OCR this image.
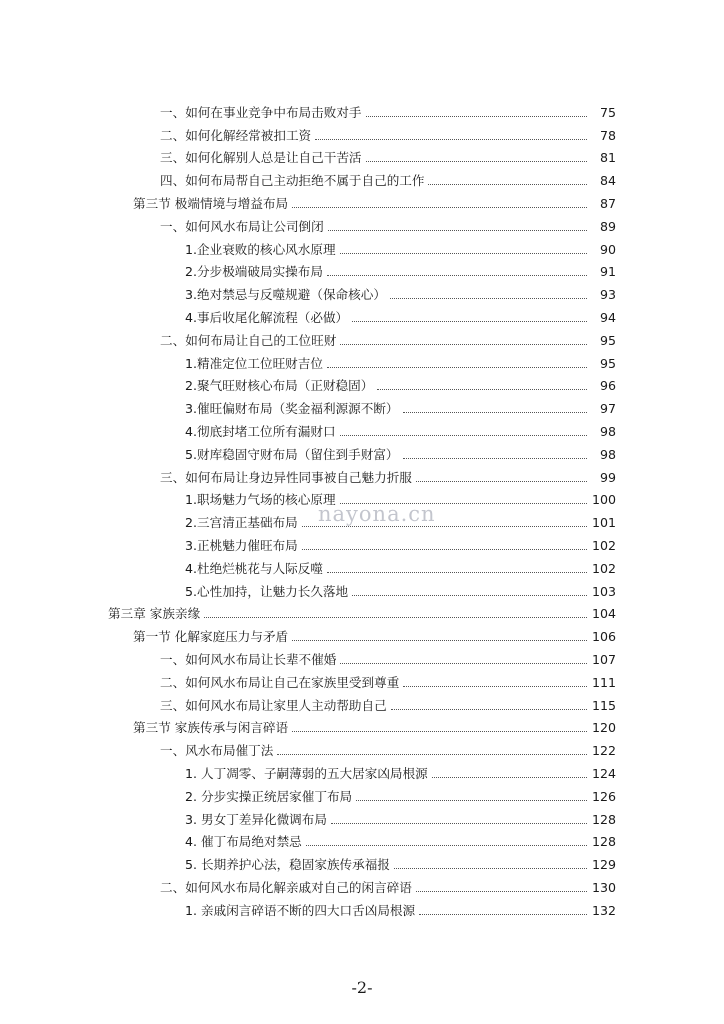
一、如何在事业竞争中布局击败对手	75
二、如何化解经常被扣工资	78
三、如何化解别人总是让自己干苦活	81
四、如何布局帮自己主动拒绝不属于自己的工作	84
第三节 极端情境与增益布局	87
一、如何风水布局让公司倒闭	89
1.企业衰败的核心风水原理	90
2.分步极端破局实操布局	91
3.绝对禁忌与反噬规避（保命核心）	93
4.事后收尾化解流程（必做）	94
二、如何布局让自己的工位旺财	95
1.精准定位工位旺财吉位	95
2.聚气旺财核心布局（正财稳固）	96
3.催旺偏财布局（奖金福利源源不断）	97
4.彻底封堵工位所有漏财口	98
5.财库稳固守财布局（留住到手财富）	98
三、如何布局让身边异性同事被自己魅力折服	99
1.职场魅力气场的核心原理	100
2.三宫清正基础布局	101
3.正桃魅力催旺布局	102
4.杜绝烂桃花与人际反噬	102
5.心性加持，让魅力长久落地	103
第三章 家族亲缘	104
第一节 化解家庭压力与矛盾	106
一、如何风水布局让长辈不催婚	107
二、如何风水布局让自己在家族里受到尊重	111
三、如何风水布局让家里人主动帮助自己	115
第三节 家族传承与闲言碎语	120
一、风水布局催丁法	122
1. 人丁凋零、子嗣薄弱的五大居家凶局根源	124
2. 分步实操正统居家催丁布局	126
3. 男女丁差异化微调布局	128
4. 催丁布局绝对禁忌	128
5. 长期养护心法，稳固家族传承福报	129
二、如何风水布局化解亲戚对自己的闲言碎语	130
1. 亲戚闲言碎语不断的四大口舌凶局根源	132
nayona.cn
-2-
